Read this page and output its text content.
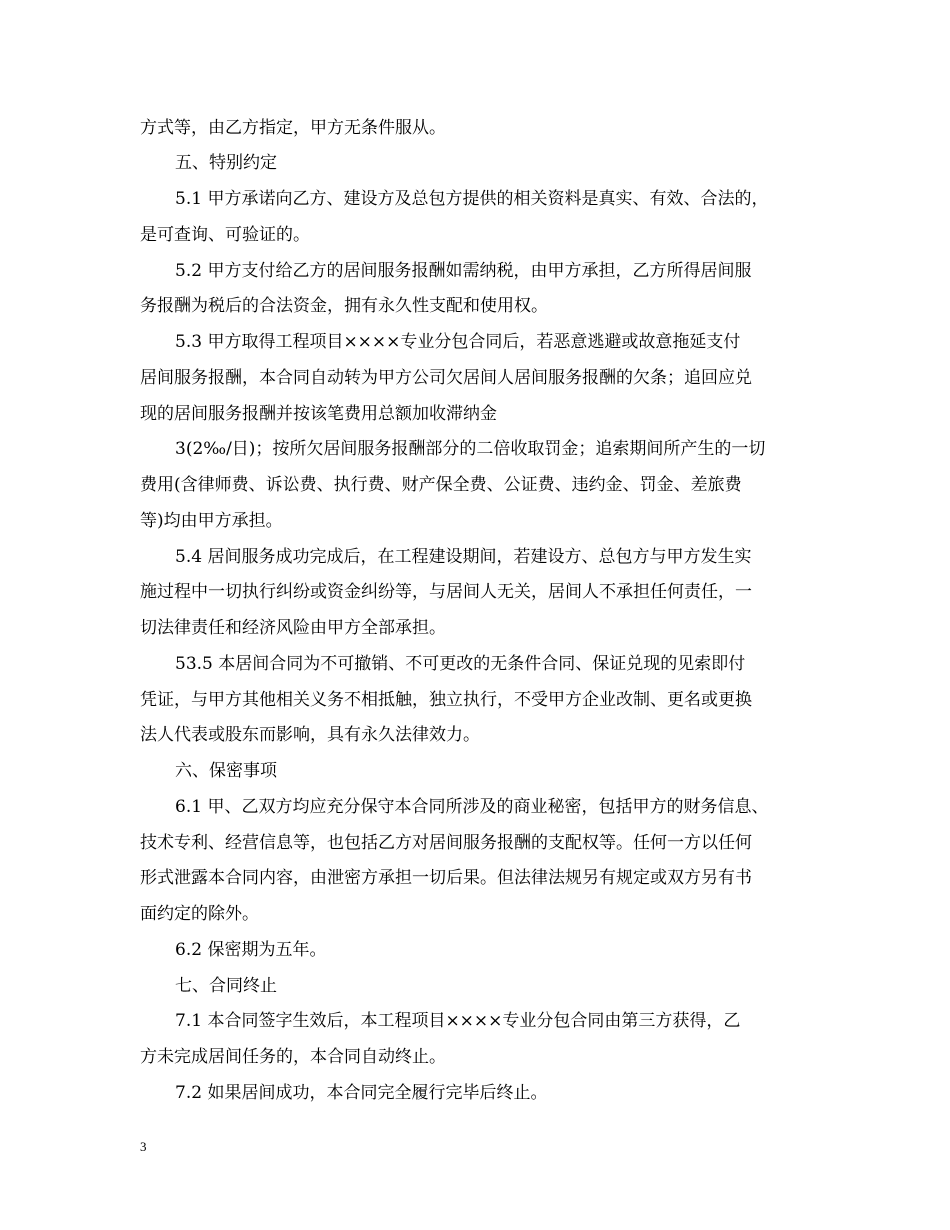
方式等，由乙方指定，甲方无条件服从。
五、特别约定
5.1 甲方承诺向乙方、建设方及总包方提供的相关资料是真实、有效、合法的，
是可查询、可验证的。
5.2 甲方支付给乙方的居间服务报酬如需纳税，由甲方承担，乙方所得居间服
务报酬为税后的合法资金，拥有永久性支配和使用权。
5.3 甲方取得工程项目××××专业分包合同后，若恶意逃避或故意拖延支付
居间服务报酬，本合同自动转为甲方公司欠居间人居间服务报酬的欠条；追回应兑
现的居间服务报酬并按该笔费用总额加收滞纳金
3(2‰/日)；按所欠居间服务报酬部分的二倍收取罚金；追索期间所产生的一切
费用(含律师费、诉讼费、执行费、财产保全费、公证费、违约金、罚金、差旅费
等)均由甲方承担。
5.4 居间服务成功完成后，在工程建设期间，若建设方、总包方与甲方发生实
施过程中一切执行纠纷或资金纠纷等，与居间人无关，居间人不承担任何责任，一
切法律责任和经济风险由甲方全部承担。
53.5 本居间合同为不可撤销、不可更改的无条件合同、保证兑现的见索即付
凭证，与甲方其他相关义务不相抵触，独立执行，不受甲方企业改制、更名或更换
法人代表或股东而影响，具有永久法律效力。
六、保密事项
6.1 甲、乙双方均应充分保守本合同所涉及的商业秘密，包括甲方的财务信息、
技术专利、经营信息等，也包括乙方对居间服务报酬的支配权等。任何一方以任何
形式泄露本合同内容，由泄密方承担一切后果。但法律法规另有规定或双方另有书
面约定的除外。
6.2 保密期为五年。
七、合同终止
7.1 本合同签字生效后，本工程项目××××专业分包合同由第三方获得，乙
方未完成居间任务的，本合同自动终止。
7.2 如果居间成功，本合同完全履行完毕后终止。
3
